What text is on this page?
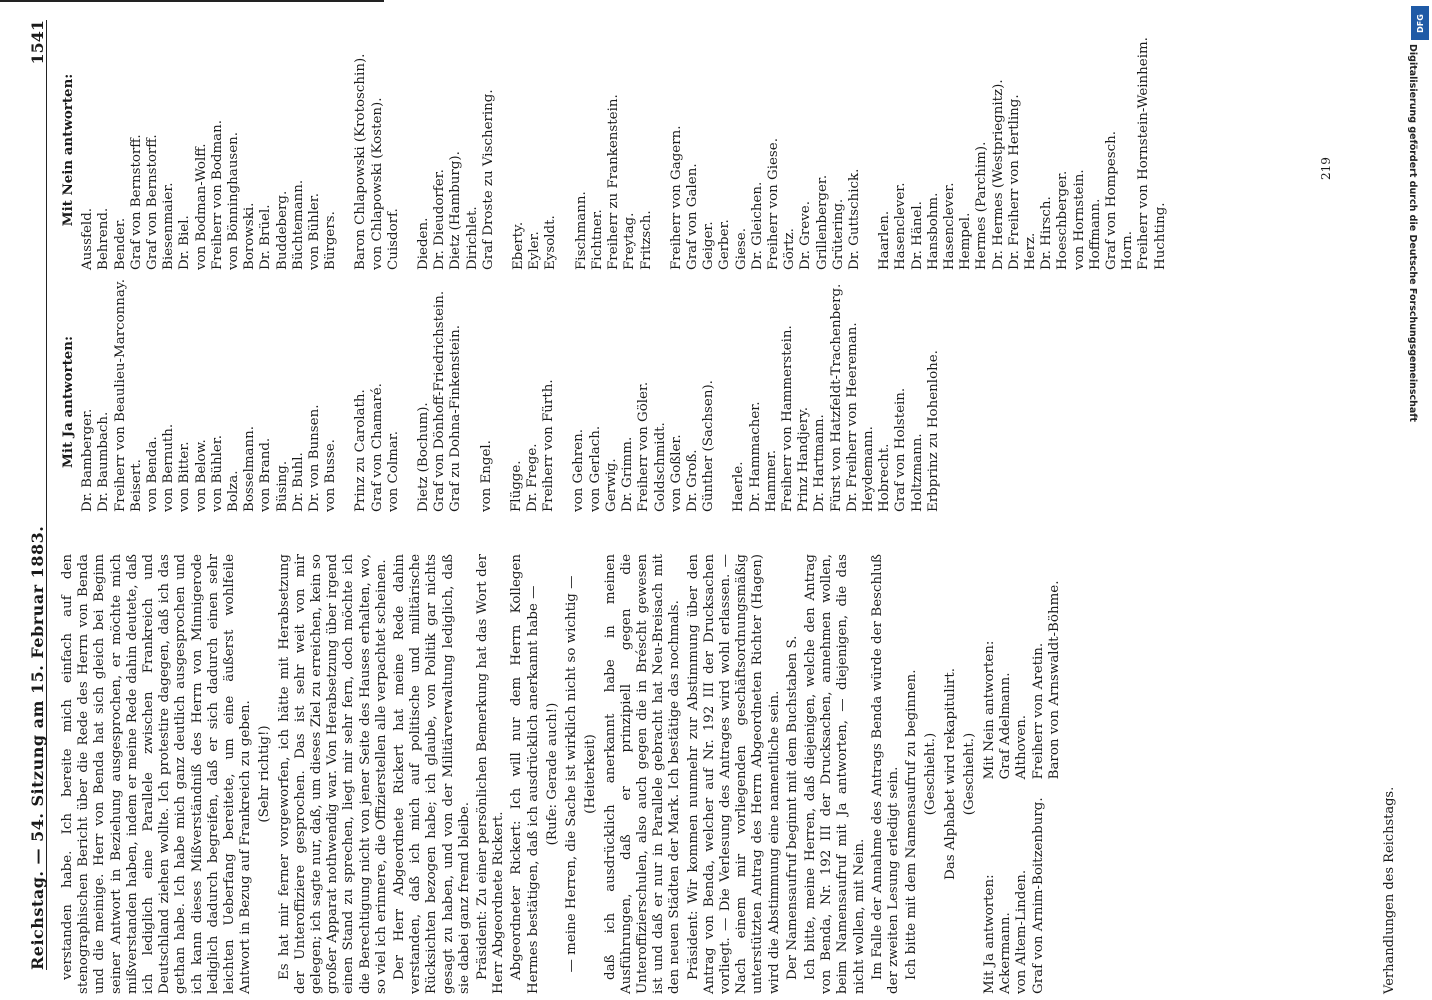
Reichstag. — 54. Sitzung am 15. Februar 1883.
1541

verstanden habe. Ich bereite mich einfach auf den stenographischen Bericht über die Rede des Herrn von Benda und die meinige. Herr von Benda hat sich gleich bei Beginn seiner Antwort in Beziehung ausgesprochen, er möchte mich mißverstanden haben, indem er meine Rede dahin deutete, daß ich lediglich eine Parallele zwischen Frankreich und Deutschland ziehen wollte. Ich protestire dagegen, daß ich das gethan habe. Ich habe mich ganz deutlich ausgesprochen und ich kann dieses Mißverständniß des Herrn von Minnigerode lediglich dadurch begreifen, daß er sich dadurch einen sehr leichten Ueberfang bereitete, um eine äußerst wohlfeile Antwort in Bezug auf Frankreich zu geben. (Sehr richtig!) Es hat mir ferner vorgeworfen, ich hätte mit Herabsetzung der Unteroffiziere gesprochen. Das ist sehr weit von mir gelegen; ich sagte nur, daß, um dieses Ziel zu erreichen, kein so großer Apparat nothwendig war. Von Herabsetzung über irgend einen Stand zu sprechen, liegt mir sehr fern, doch möchte ich die Berechtigung nicht von jener Seite des Hauses erhalten, wo, so viel ich erinnere, die Offizierstellen alle verpachtet scheinen. Der Herr Abgeordnete Rickert hat meine Rede dahin verstanden, daß ich mich auf politische und militärische Rücksichten bezogen habe; ich glaube, von Politik gar nichts gesagt zu haben, und von der Militärverwaltung lediglich, daß sie dabei ganz fremd bleibe. Präsident: Zu einer persönlichen Bemerkung hat das Wort der Herr Abgeordnete Rickert. Abgeordneter Rickert: Ich will nur dem Herrn Kollegen Hermes bestätigen, daß ich ausdrücklich anerkannt habe — (Rufe: Gerade auch!) — meine Herren, die Sache ist wirklich nicht so wichtig — (Heiterkeit) daß ich ausdrücklich anerkannt habe in meinen Ausführungen, daß er prinzipiell gegen die Unteroffizierschulen, also auch gegen die in Bréscht gewesen ist und daß er nur in Parallele gebracht hat Neu-Breisach mit den neuen Städten der Mark. Ich bestätige das nochmals. Präsident: Wir kommen nunmehr zur Abstimmung über den Antrag von Benda, welcher auf Nr. 192 III der Drucksachen vorliegt. — Die Verlesung des Antrages wird wohl erlassen. — Nach einem mir vorliegenden geschäftsordnungsmäßig unterstützten Antrag des Herrn Abgeordneten Richter (Hagen) wird die Abstimmung eine namentliche sein. Der Namensaufruf beginnt mit dem Buchstaben S. Ich bitte, meine Herren, daß diejenigen, welche den Antrag von Benda, Nr. 192 III der Drucksachen, annehmen wollen, beim Namensaufruf mit Ja antworten, — diejenigen, die das nicht wollen, mit Nein. Im Falle der Annahme des Antrags Benda würde der Beschluß der zweiten Lesung erledigt sein. Ich bitte mit dem Namensaufruf zu beginnen. (Geschieht.) Das Alphabet wird rekapitulirt. (Geschieht.)

Mit Ja antworten: Ackermann. von Altem-Linden. Graf von Arnim-Boitzenburg.
Mit Nein antworten: Graf Adelmann. Althoven. Freiherr von Aretin. Baron von Arnswaldt-Böhme.
Mit Ja antworten: Dr. Bamberger. Dr. Baumbach. Freiherr von Beaulieu-Marconnay. Beisert. von Benda. von Bernuth. von Bitter. von Below. von Bühler. Bolza. Bosselmann. von Brand. Büsing. Dr. Buhl. Dr. von Bunsen. von Busse. Prinz zu Carolath. Graf von Chamaré. von Colmar. Dietz (Bochum). Graf von Dönhoff-Friedrichstein. Graf zu Dohna-Finkenstein. von Engel. Flügge. Dr. Frege. Freiherr von Fürth. von Gehren. von Gerlach. Gerwig. Dr. Grimm. Freiherr von Göler. Goldschmidt. von Goßler. Dr. Groß. Günther (Sachsen). Haerle. Dr. Hammacher. Hammer. Freiherr von Hammerstein. Prinz Handjery. Dr. Hartmann. Fürst von Hatzfeldt-Trachenberg. Dr. Freiherr von Heereman. Heydemann. Hobrecht. Graf von Holstein. Holtzmann. Erbprinz zu Hohenlohe.
Mit Nein antworten:
Aussfeld. Behrend. Bender. Graf von Bernstorff. Graf von Bernstorff. Biesenmaier. Dr. Biel. von Bodman-Wolff. Freiherr von Bodman. von Bönninghausen. Borowski. Dr. Brüel. Buddeberg. Büchtemann. von Bühler. Bürgers. Baron Chlapowski (Krotoschin). von Chlapowski (Kosten). Cuisdorf. Dieden. Dr. Dieudorfer. Dietz (Hamburg). Dirichlet. Graf Droste zu Vischering. Eberty. Eyler. Eysoldt. Fischmann. Fichtner. Freiherr zu Frankenstein. Freytag. Fritzsch. Freiherr von Gagern. Graf von Galen. Geiger. Gerber. Giese. Dr. Gleichen. Freiherr von Giese. Görtz. Dr. Greve. Grillenberger. Grütering. Dr. Guttschick. Haarlen. Hasenclever. Dr. Hänel. Hansbohm. Hasenclever. Hempel. Hermes (Parchim). Dr. Hermes (Westpriegnitz). Dr. Freiherr von Hertling. Herz. Dr. Hirsch. Hoeschberger. von Hornstein. Hoffmann. Graf von Hompesch. Horn. Freiherr von Hornstein-Weinheim. Huchting.
219
Verhandlungen des Reichstags.
DFG
Digitalisierung gefördert durch die Deutsche Forschungsgemeinschaft
